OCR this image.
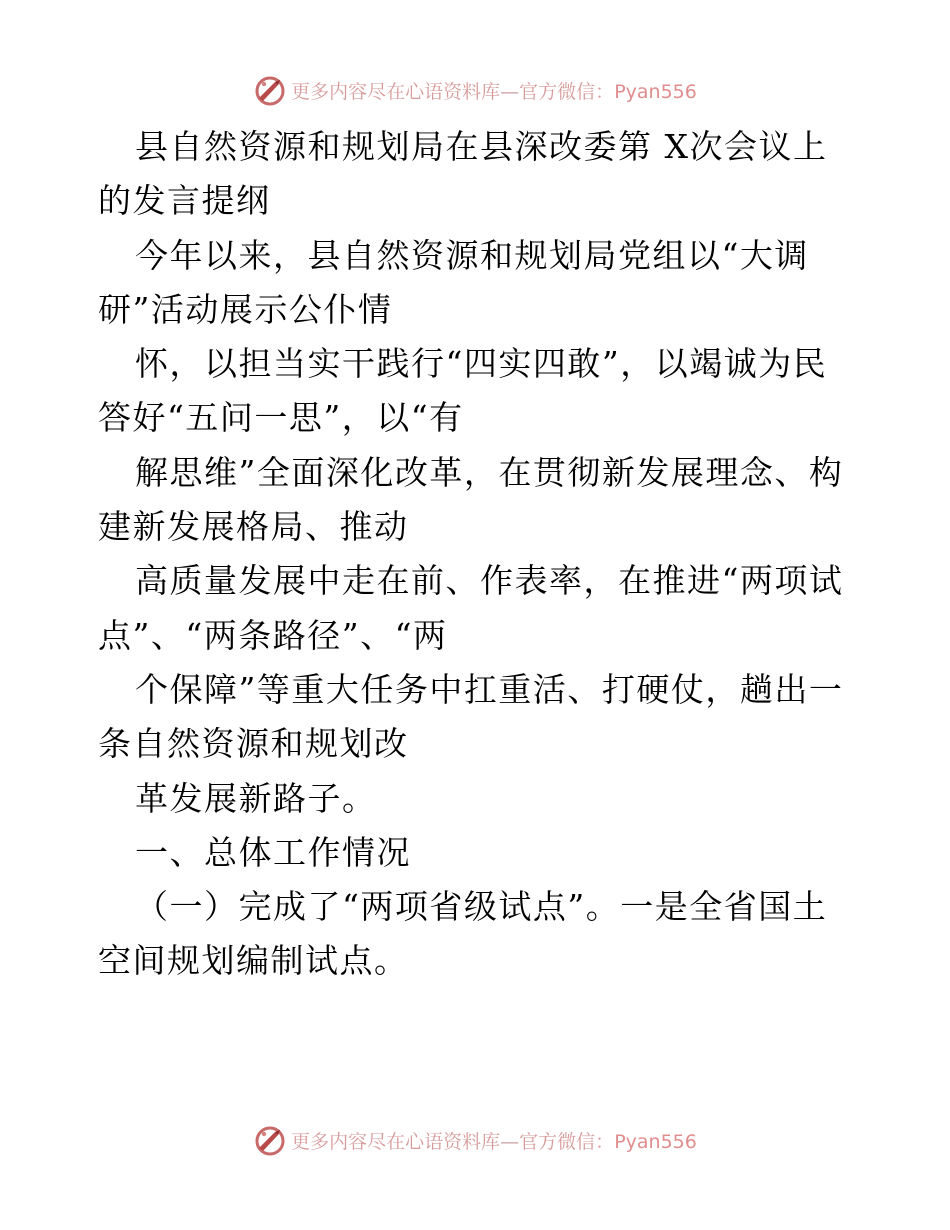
更多内容尽在心语资料库—官方微信：Pyan556
县自然资源和规划局在县深改委第 X次会议上
的发言提纲
今年以来，县自然资源和规划局党组以“大调
研”活动展示公仆情
怀，以担当实干践行“四实四敢”，以竭诚为民
答好“五问一思”，以“有
解思维”全面深化改革，在贯彻新发展理念、构
建新发展格局、推动
高质量发展中走在前、作表率，在推进“两项试
点”、“两条路径”、“两
个保障”等重大任务中扛重活、打硬仗，趟出一
条自然资源和规划改
革发展新路子。
一、总体工作情况
（一）完成了“两项省级试点”。一是全省国土
空间规划编制试点。
更多内容尽在心语资料库—官方微信：Pyan556
